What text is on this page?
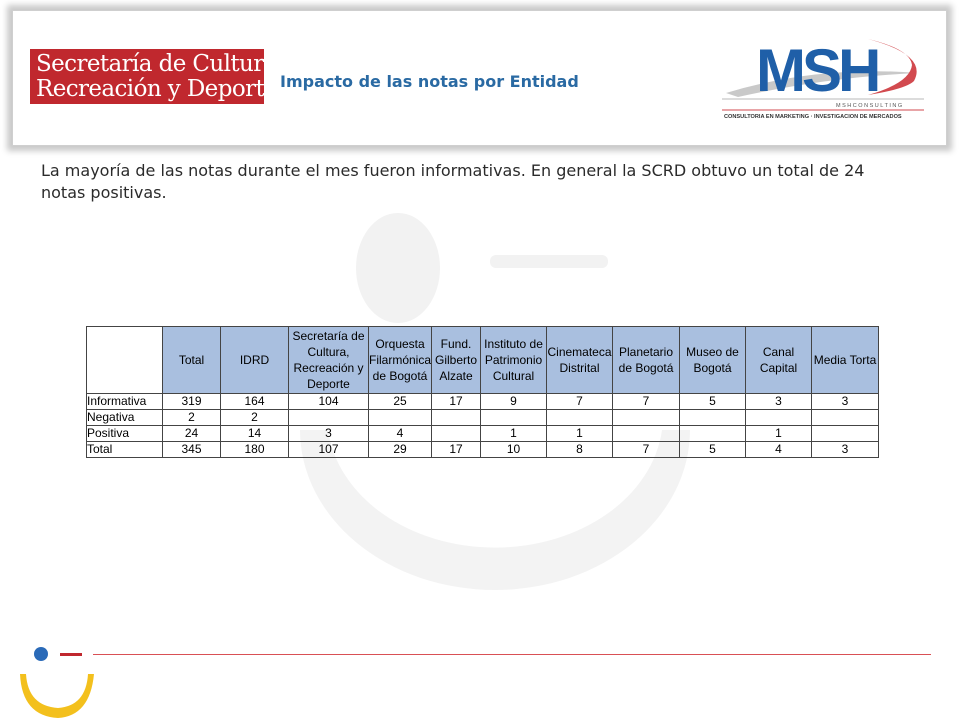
Secretaría de Cultura,
Recreación y Deporte Impacto de las notas por Entidad	MSH
M S H C O N S U L T I N G
CONSULTORIA EN MARKETING · INVESTIGACION DE MERCADOS

La mayoría de las notas durante el mes fueron informativas. En general la SCRD obtuvo un total de 24 notas positivas.

	Total	IDRD	Secretaría de Cultura, Recreación y Deporte	Orquesta Filarmónica de Bogotá	Fund. Gilberto Alzate	Instituto de Patrimonio Cultural	Cinemateca Distrital	Planetario de Bogotá	Museo de Bogotá	Canal Capital	Media Torta
Informativa	319	164	104	25	17	9	7	7	5	3	3
Negativa	2	2									
Positiva	24	14	3	4		1	1			1	
Total	345	180	107	29	17	10	8	7	5	4	3
